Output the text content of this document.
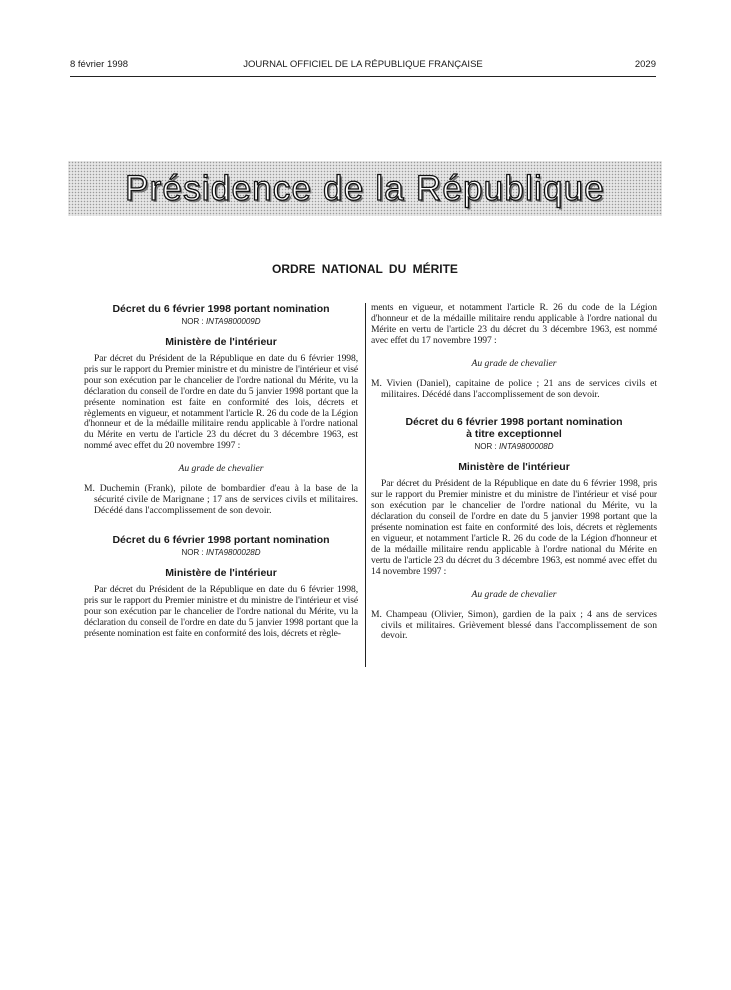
8 février 1998	JOURNAL OFFICIEL DE LA RÉPUBLIQUE FRANÇAISE	2029
Présidence de la République
ORDRE NATIONAL DU MÉRITE

Décret du 6 février 1998 portant nomination

NOR : INTA9800009D

Ministère de l'intérieur

Par décret du Président de la République en date du 6 février 1998, pris sur le rapport du Premier ministre et du ministre de l'intérieur et visé pour son exécution par le chancelier de l'ordre national du Mérite, vu la déclaration du conseil de l'ordre en date du 5 janvier 1998 portant que la présente nomination est faite en conformité des lois, décrets et règlements en vigueur, et notamment l'article R. 26 du code de la Légion d'honneur et de la médaille militaire rendu applicable à l'ordre national du Mérite en vertu de l'article 23 du décret du 3 décembre 1963, est nommé avec effet du 20 novembre 1997 :

Au grade de chevalier

M. Duchemin (Frank), pilote de bombardier d'eau à la base de la sécurité civile de Marignane ; 17 ans de services civils et militaires. Décédé dans l'accomplissement de son devoir.

Décret du 6 février 1998 portant nomination

NOR : INTA9800028D

Ministère de l'intérieur

Par décret du Président de la République en date du 6 février 1998, pris sur le rapport du Premier ministre et du ministre de l'intérieur et visé pour son exécution par le chancelier de l'ordre national du Mérite, vu la déclaration du conseil de l'ordre en date du 5 janvier 1998 portant que la présente nomination est faite en conformité des lois, décrets et règle-

ments en vigueur, et notamment l'article R. 26 du code de la Légion d'honneur et de la médaille militaire rendu applicable à l'ordre national du Mérite en vertu de l'article 23 du décret du 3 décembre 1963, est nommé avec effet du 17 novembre 1997 :

Au grade de chevalier

M. Vivien (Daniel), capitaine de police ; 21 ans de services civils et militaires. Décédé dans l'accomplissement de son devoir.

Décret du 6 février 1998 portant nomination
à titre exceptionnel

NOR : INTA9800008D

Ministère de l'intérieur

Par décret du Président de la République en date du 6 février 1998, pris sur le rapport du Premier ministre et du ministre de l'intérieur et visé pour son exécution par le chancelier de l'ordre national du Mérite, vu la déclaration du conseil de l'ordre en date du 5 janvier 1998 portant que la présente nomination est faite en conformité des lois, décrets et règlements en vigueur, et notamment l'article R. 26 du code de la Légion d'honneur et de la médaille militaire rendu applicable à l'ordre national du Mérite en vertu de l'article 23 du décret du 3 décembre 1963, est nommé avec effet du 14 novembre 1997 :

Au grade de chevalier

M. Champeau (Olivier, Simon), gardien de la paix ; 4 ans de services civils et militaires. Grièvement blessé dans l'accomplissement de son devoir.
